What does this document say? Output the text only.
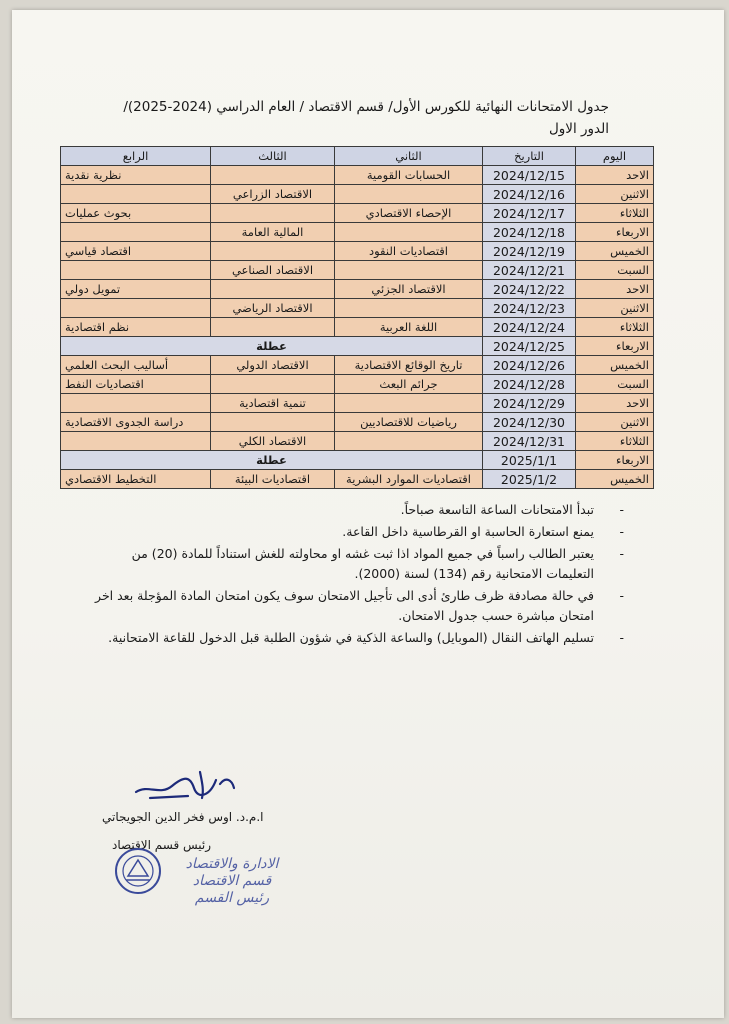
جدول الامتحانات النهائية للكورس الأول/ قسم الاقتصاد / العام الدراسي (2024-2025)/
الدور الاول
اليوم	التاريخ	الثاني	الثالث	الرابع
الاحد	2024/12/15	الحسابات القومية		نظرية نقدية
الاثنين	2024/12/16		الاقتصاد الزراعي	
الثلاثاء	2024/12/17	الإحصاء الاقتصادي		بحوث عمليات
الاربعاء	2024/12/18		المالية العامة	
الخميس	2024/12/19	اقتصاديات النقود		اقتصاد قياسي
السبت	2024/12/21		الاقتصاد الصناعي	
الاحد	2024/12/22	الاقتصاد الجزئي		تمويل دولي
الاثنين	2024/12/23		الاقتصاد الرياضي	
الثلاثاء	2024/12/24	اللغة العربية		نظم اقتصادية
الاربعاء	2024/12/25	عطلة		
الخميس	2024/12/26	تاريخ الوقائع الاقتصادية	الاقتصاد الدولي	أساليب البحث العلمي
السبت	2024/12/28	جرائم البعث		اقتصاديات النفط
الاحد	2024/12/29		تنمية اقتصادية	
الاثنين	2024/12/30	رياضيات للاقتصاديين		دراسة الجدوى الاقتصادية
الثلاثاء	2024/12/31		الاقتصاد الكلي	
الاربعاء	2025/1/1	عطلة		
الخميس	2025/1/2	اقتصاديات الموارد البشرية	اقتصاديات البيئة	التخطيط الاقتصادي
-
تبدأ الامتحانات الساعة التاسعة صباحاً.
-
يمنع استعارة الحاسبة او القرطاسية داخل القاعة.
-
يعتبر الطالب راسباً في جميع المواد اذا ثبت غشه او محاولته للغش استناداً للمادة (20) من التعليمات الامتحانية رقم (134) لسنة (2000).
-
في حالة مصادفة ظرف طارئ أدى الى تأجيل الامتحان سوف يكون امتحان المادة المؤجلة بعد اخر امتحان مباشرة حسب جدول الامتحان.
-
تسليم الهاتف النقال (الموبايل) والساعة الذكية في شؤون الطلبة قبل الدخول للقاعة الامتحانية.
ا.م.د. اوس فخر الدين الجويجاتي
رئيس قسم الاقتصاد
الادارة والاقتصاد
قسم الاقتصاد
رئيس القسم
